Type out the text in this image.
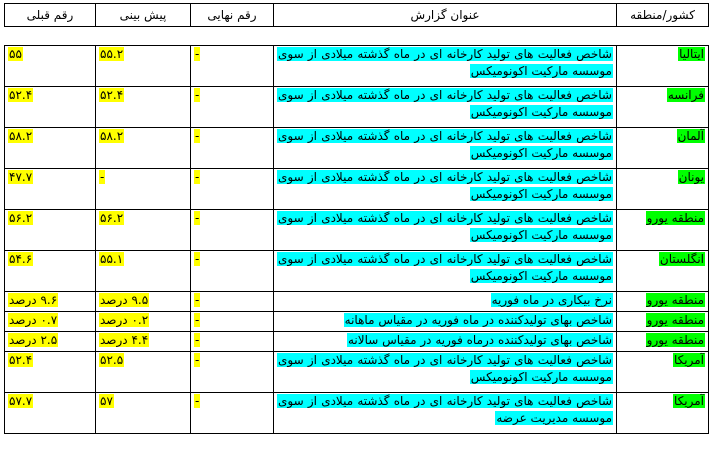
کشور/منطقه	عنوان گزارش	رقم نهایی	پیش بینی	رقم قبلی

ایتالیا	شاخص فعالیت های تولید کارخانه ای در ماه گذشته میلادی از سوی موسسه مارکیت اکونومیکس	-	۵۵.۲	۵۵
فرانسه	شاخص فعالیت های تولید کارخانه ای در ماه گذشته میلادی از سوی موسسه مارکیت اکونومیکس	-	۵۲.۴	۵۲.۴
آلمان	شاخص فعالیت های تولید کارخانه ای در ماه گذشته میلادی از سوی موسسه مارکیت اکونومیکس	-	۵۸.۲	۵۸.۲
یونان	شاخص فعالیت های تولید کارخانه ای در ماه گذشته میلادی از سوی موسسه مارکیت اکونومیکس	-	-	۴۷.۷
منطقه یورو	شاخص فعالیت های تولید کارخانه ای در ماه گذشته میلادی از سوی موسسه مارکیت اکونومیکس	-	۵۶.۲	۵۶.۲
انگلستان	شاخص فعالیت های تولید کارخانه ای در ماه گذشته میلادی از سوی موسسه مارکیت اکونومیکس	-	۵۵.۱	۵۴.۶
منطقه یورو	نرخ بیکاری در ماه فوریه	-	۹.۵ درصد	۹.۶ درصد
منطقه یورو	شاخص بهای تولیدکننده در ماه فوریه در مقیاس ماهانه	-	۰.۲ درصد	۰.۷ درصد
منطقه یورو	شاخص بهای تولیدکننده درماه فوریه در مقیاس سالانه	-	۴.۴ درصد	۲.۵ درصد
آمریکا	شاخص فعالیت های تولید کارخانه ای در ماه گذشته میلادی از سوی موسسه مارکیت اکونومیکس	-	۵۲.۵	۵۲.۴
آمریکا	شاخص فعالیت های تولید کارخانه ای در ماه گذشته میلادی از سوی موسسه مدیریت عرضه	-	۵۷	۵۷.۷
